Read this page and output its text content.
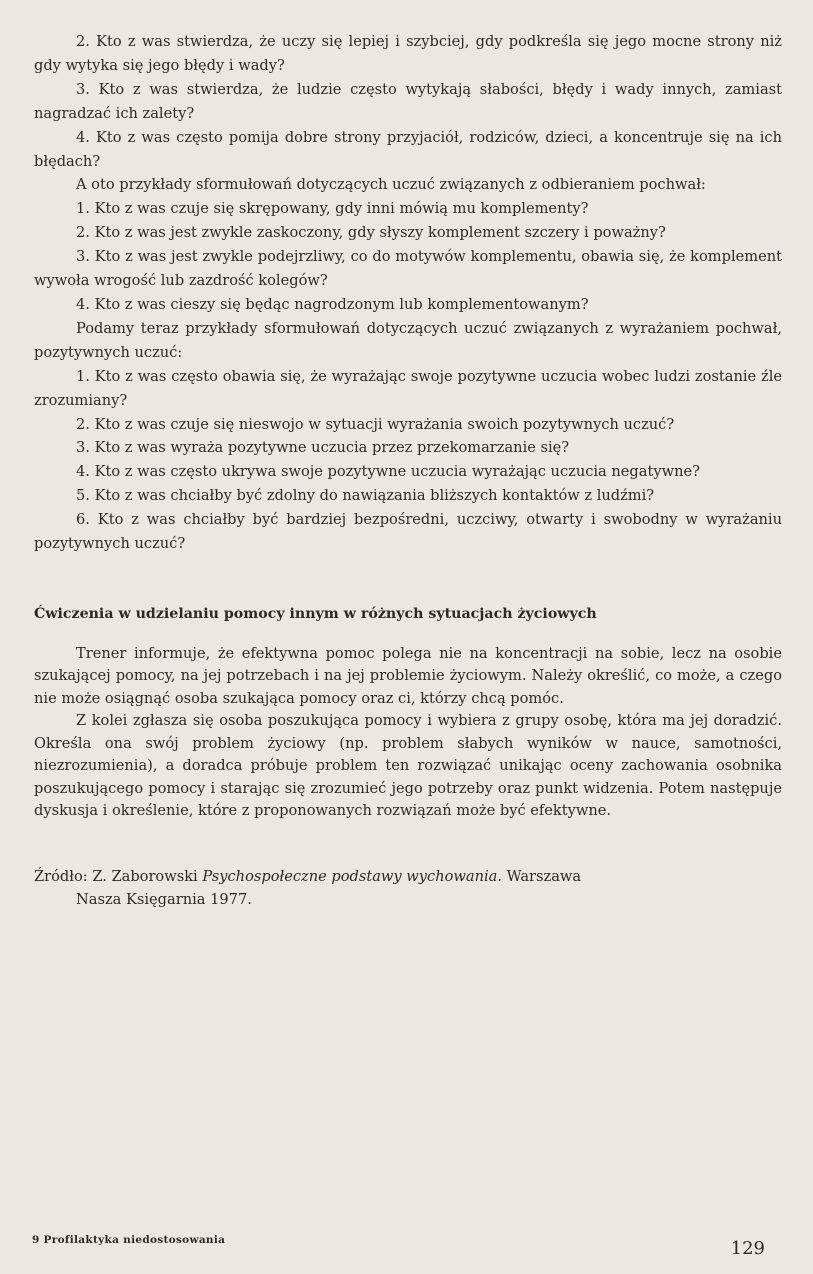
2. Kto z was stwierdza, że uczy się lepiej i szybciej, gdy podkreśla się jego mocne strony niż gdy wytyka się jego błędy i wady?

3. Kto z was stwierdza, że ludzie często wytykają słabości, błędy i wady innych, zamiast nagradzać ich zalety?

4. Kto z was często pomija dobre strony przyjaciół, rodziców, dzieci, a koncentruje się na ich błędach?

A oto przykłady sformułowań dotyczących uczuć związanych z odbieraniem pochwał:

1. Kto z was czuje się skrępowany, gdy inni mówią mu komplementy?

2. Kto z was jest zwykle zaskoczony, gdy słyszy komplement szczery i poważny?

3. Kto z was jest zwykle podejrzliwy, co do motywów komplementu, obawia się, że komplement wywoła wrogość lub zazdrość kolegów?

4. Kto z was cieszy się będąc nagrodzonym lub komplementowanym?

Podamy teraz przykłady sformułowań dotyczących uczuć związanych z wyrażaniem pochwał, pozytywnych uczuć:

1. Kto z was często obawia się, że wyrażając swoje pozytywne uczucia wobec ludzi zostanie źle zrozumiany?

2. Kto z was czuje się nieswojo w sytuacji wyrażania swoich pozytywnych uczuć?

3. Kto z was wyraża pozytywne uczucia przez przekomarzanie się?

4. Kto z was często ukrywa swoje pozytywne uczucia wyrażając uczucia negatywne?

5. Kto z was chciałby być zdolny do nawiązania bliższych kontaktów z ludźmi?

6. Kto z was chciałby być bardziej bezpośredni, uczciwy, otwarty i swobodny w wyrażaniu pozytywnych uczuć?

Ćwiczenia w udzielaniu pomocy innym w różnych sytuacjach życiowych

Trener informuje, że efektywna pomoc polega nie na koncentracji na sobie, lecz na osobie szukającej pomocy, na jej potrzebach i na jej problemie życiowym. Należy określić, co może, a czego nie może osiągnąć osoba szukająca pomocy oraz ci, którzy chcą pomóc.

Z kolei zgłasza się osoba poszukująca pomocy i wybiera z grupy osobę, która ma jej doradzić. Określa ona swój problem życiowy (np. problem słabych wyników w nauce, samotności, niezrozumienia), a doradca próbuje problem ten rozwiązać unikając oceny zachowania osobnika poszukującego pomocy i starając się zrozumieć jego potrzeby oraz punkt widzenia. Potem następuje dyskusja i określenie, które z proponowanych rozwiązań może być efektywne.

Źródło: Z. Zaborowski Psychospołeczne podstawy wychowania. Warszawa
Nasza Księgarnia 1977.

9 Profilaktyka niedostosowania	129
